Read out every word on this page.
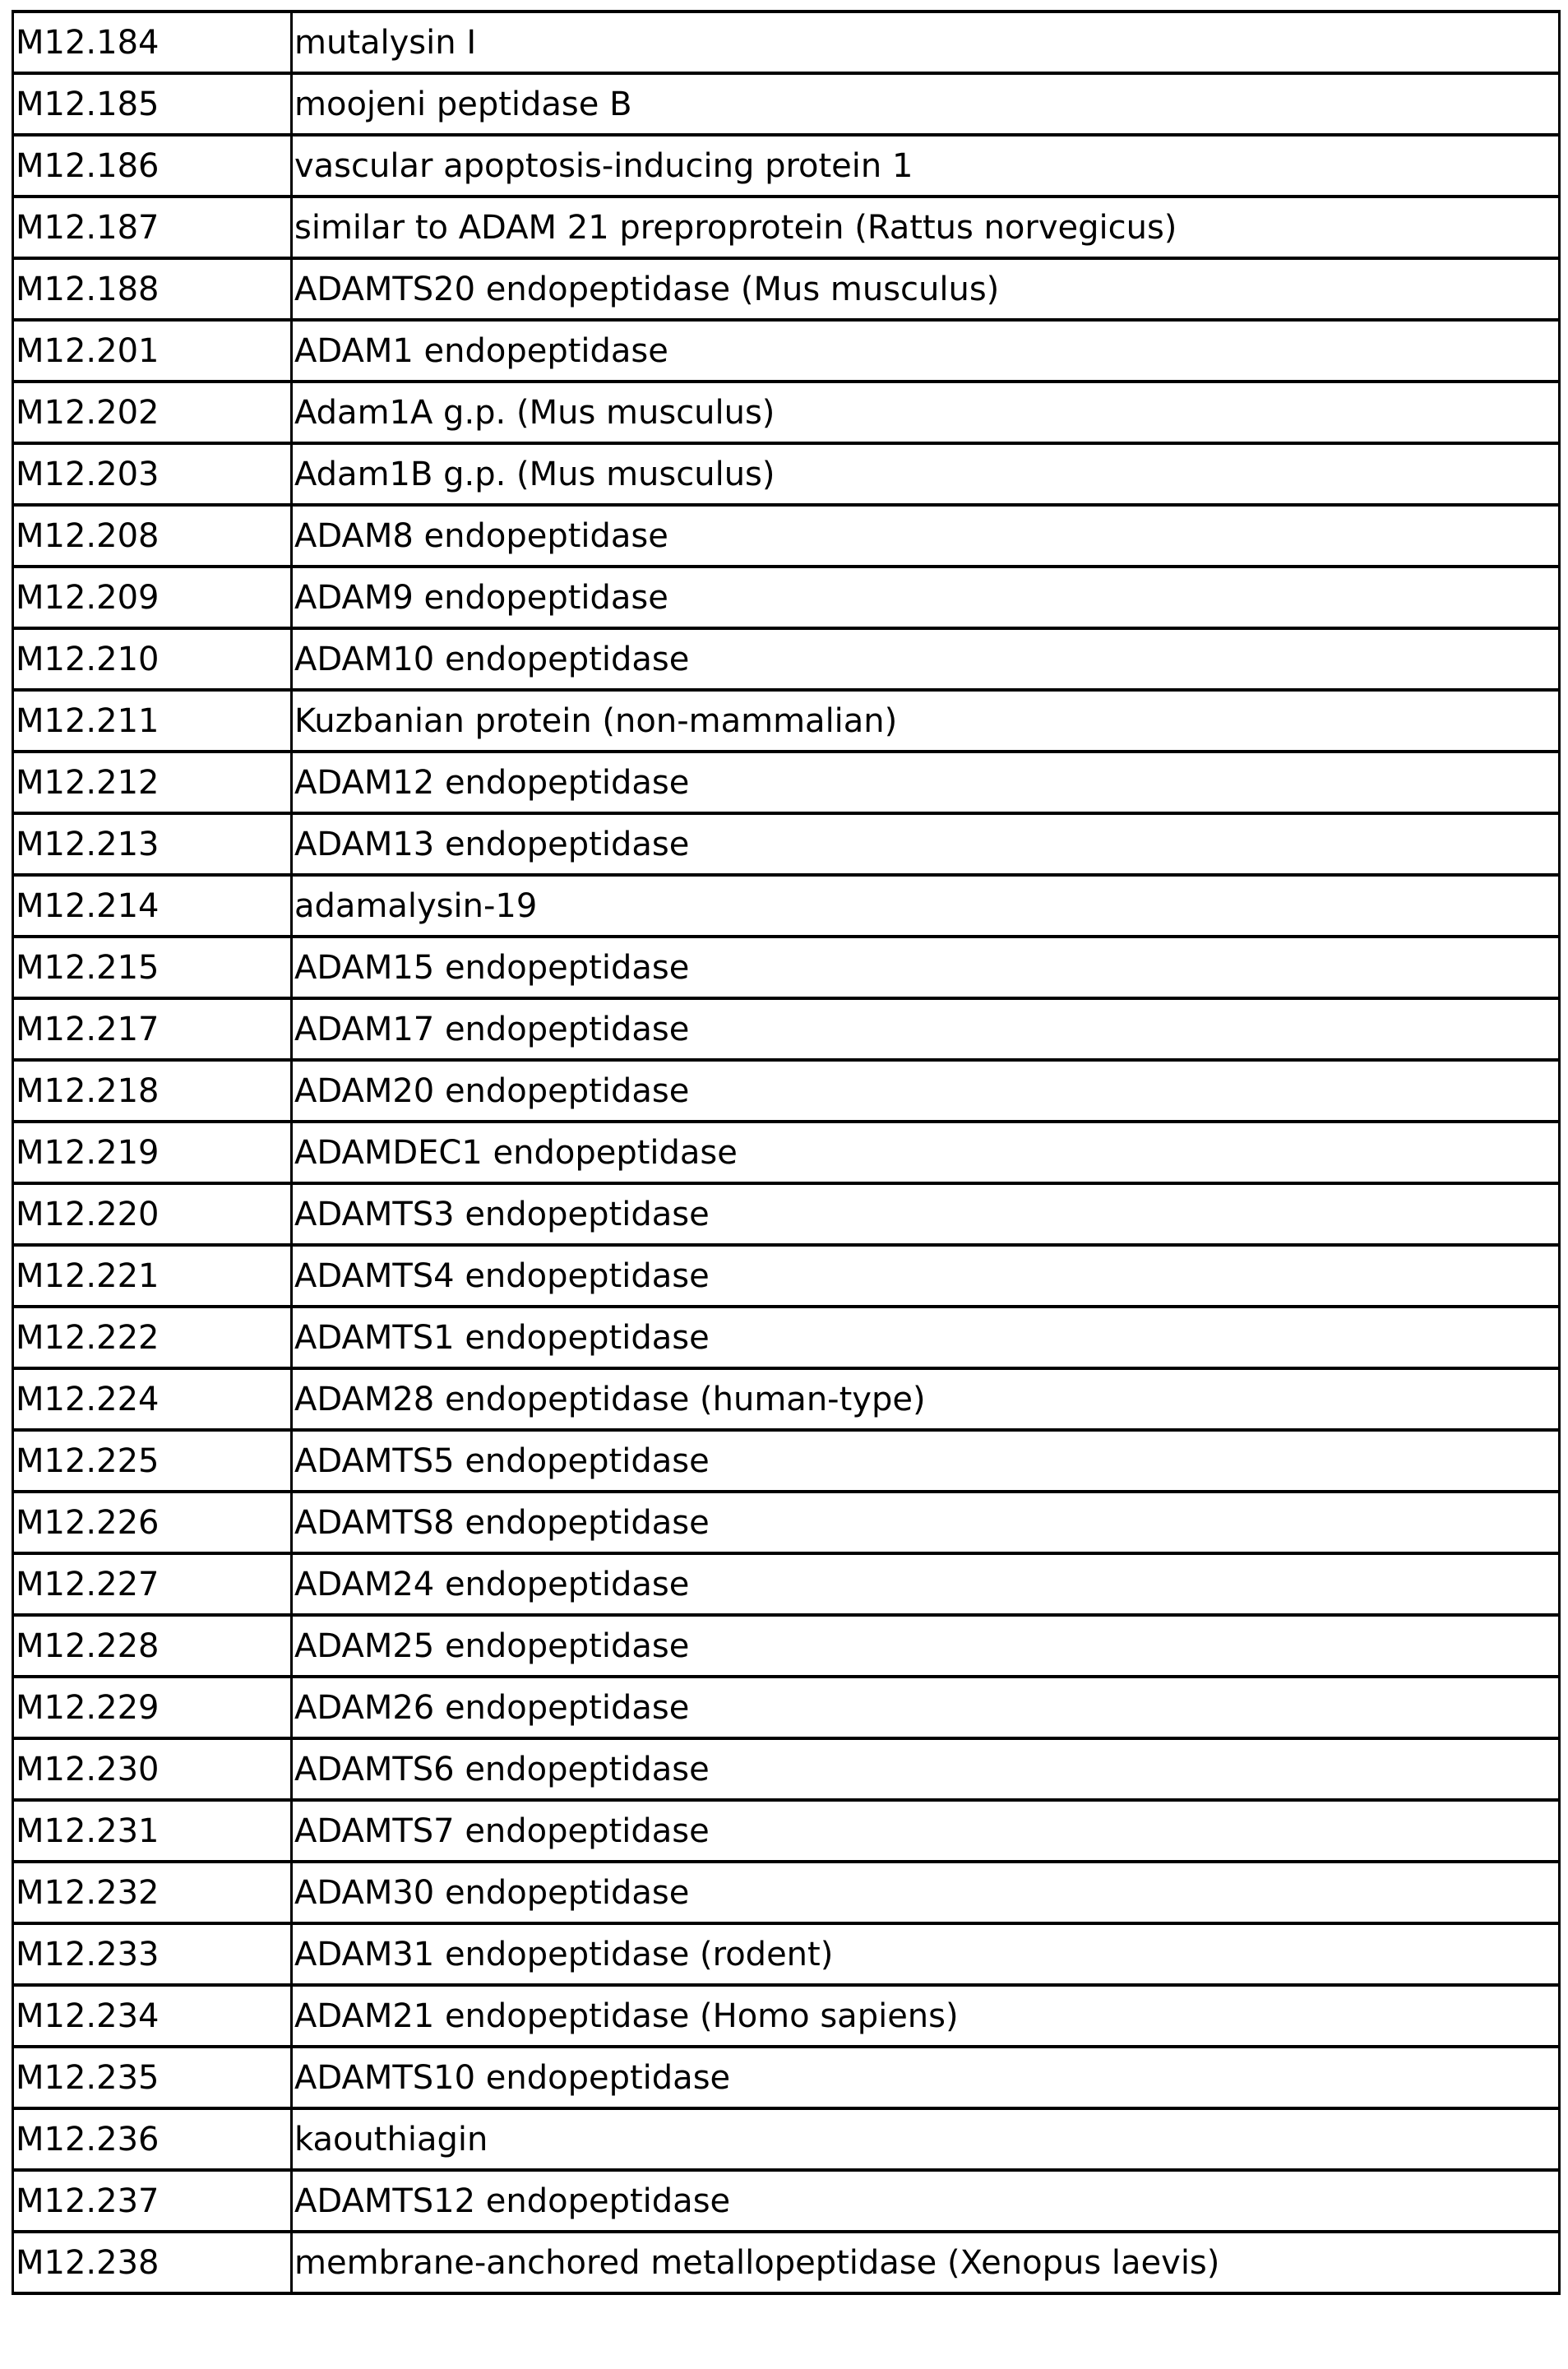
M12.184	mutalysin I
M12.185	moojeni peptidase B
M12.186	vascular apoptosis-inducing protein 1
M12.187	similar to ADAM 21 preproprotein (Rattus norvegicus)
M12.188	ADAMTS20 endopeptidase (Mus musculus)
M12.201	ADAM1 endopeptidase
M12.202	Adam1A g.p. (Mus musculus)
M12.203	Adam1B g.p. (Mus musculus)
M12.208	ADAM8 endopeptidase
M12.209	ADAM9 endopeptidase
M12.210	ADAM10 endopeptidase
M12.211	Kuzbanian protein (non-mammalian)
M12.212	ADAM12 endopeptidase
M12.213	ADAM13 endopeptidase
M12.214	adamalysin-19
M12.215	ADAM15 endopeptidase
M12.217	ADAM17 endopeptidase
M12.218	ADAM20 endopeptidase
M12.219	ADAMDEC1 endopeptidase
M12.220	ADAMTS3 endopeptidase
M12.221	ADAMTS4 endopeptidase
M12.222	ADAMTS1 endopeptidase
M12.224	ADAM28 endopeptidase (human-type)
M12.225	ADAMTS5 endopeptidase
M12.226	ADAMTS8 endopeptidase
M12.227	ADAM24 endopeptidase
M12.228	ADAM25 endopeptidase
M12.229	ADAM26 endopeptidase
M12.230	ADAMTS6 endopeptidase
M12.231	ADAMTS7 endopeptidase
M12.232	ADAM30 endopeptidase
M12.233	ADAM31 endopeptidase (rodent)
M12.234	ADAM21 endopeptidase (Homo sapiens)
M12.235	ADAMTS10 endopeptidase
M12.236	kaouthiagin
M12.237	ADAMTS12 endopeptidase
M12.238	membrane-anchored metallopeptidase (Xenopus laevis)
